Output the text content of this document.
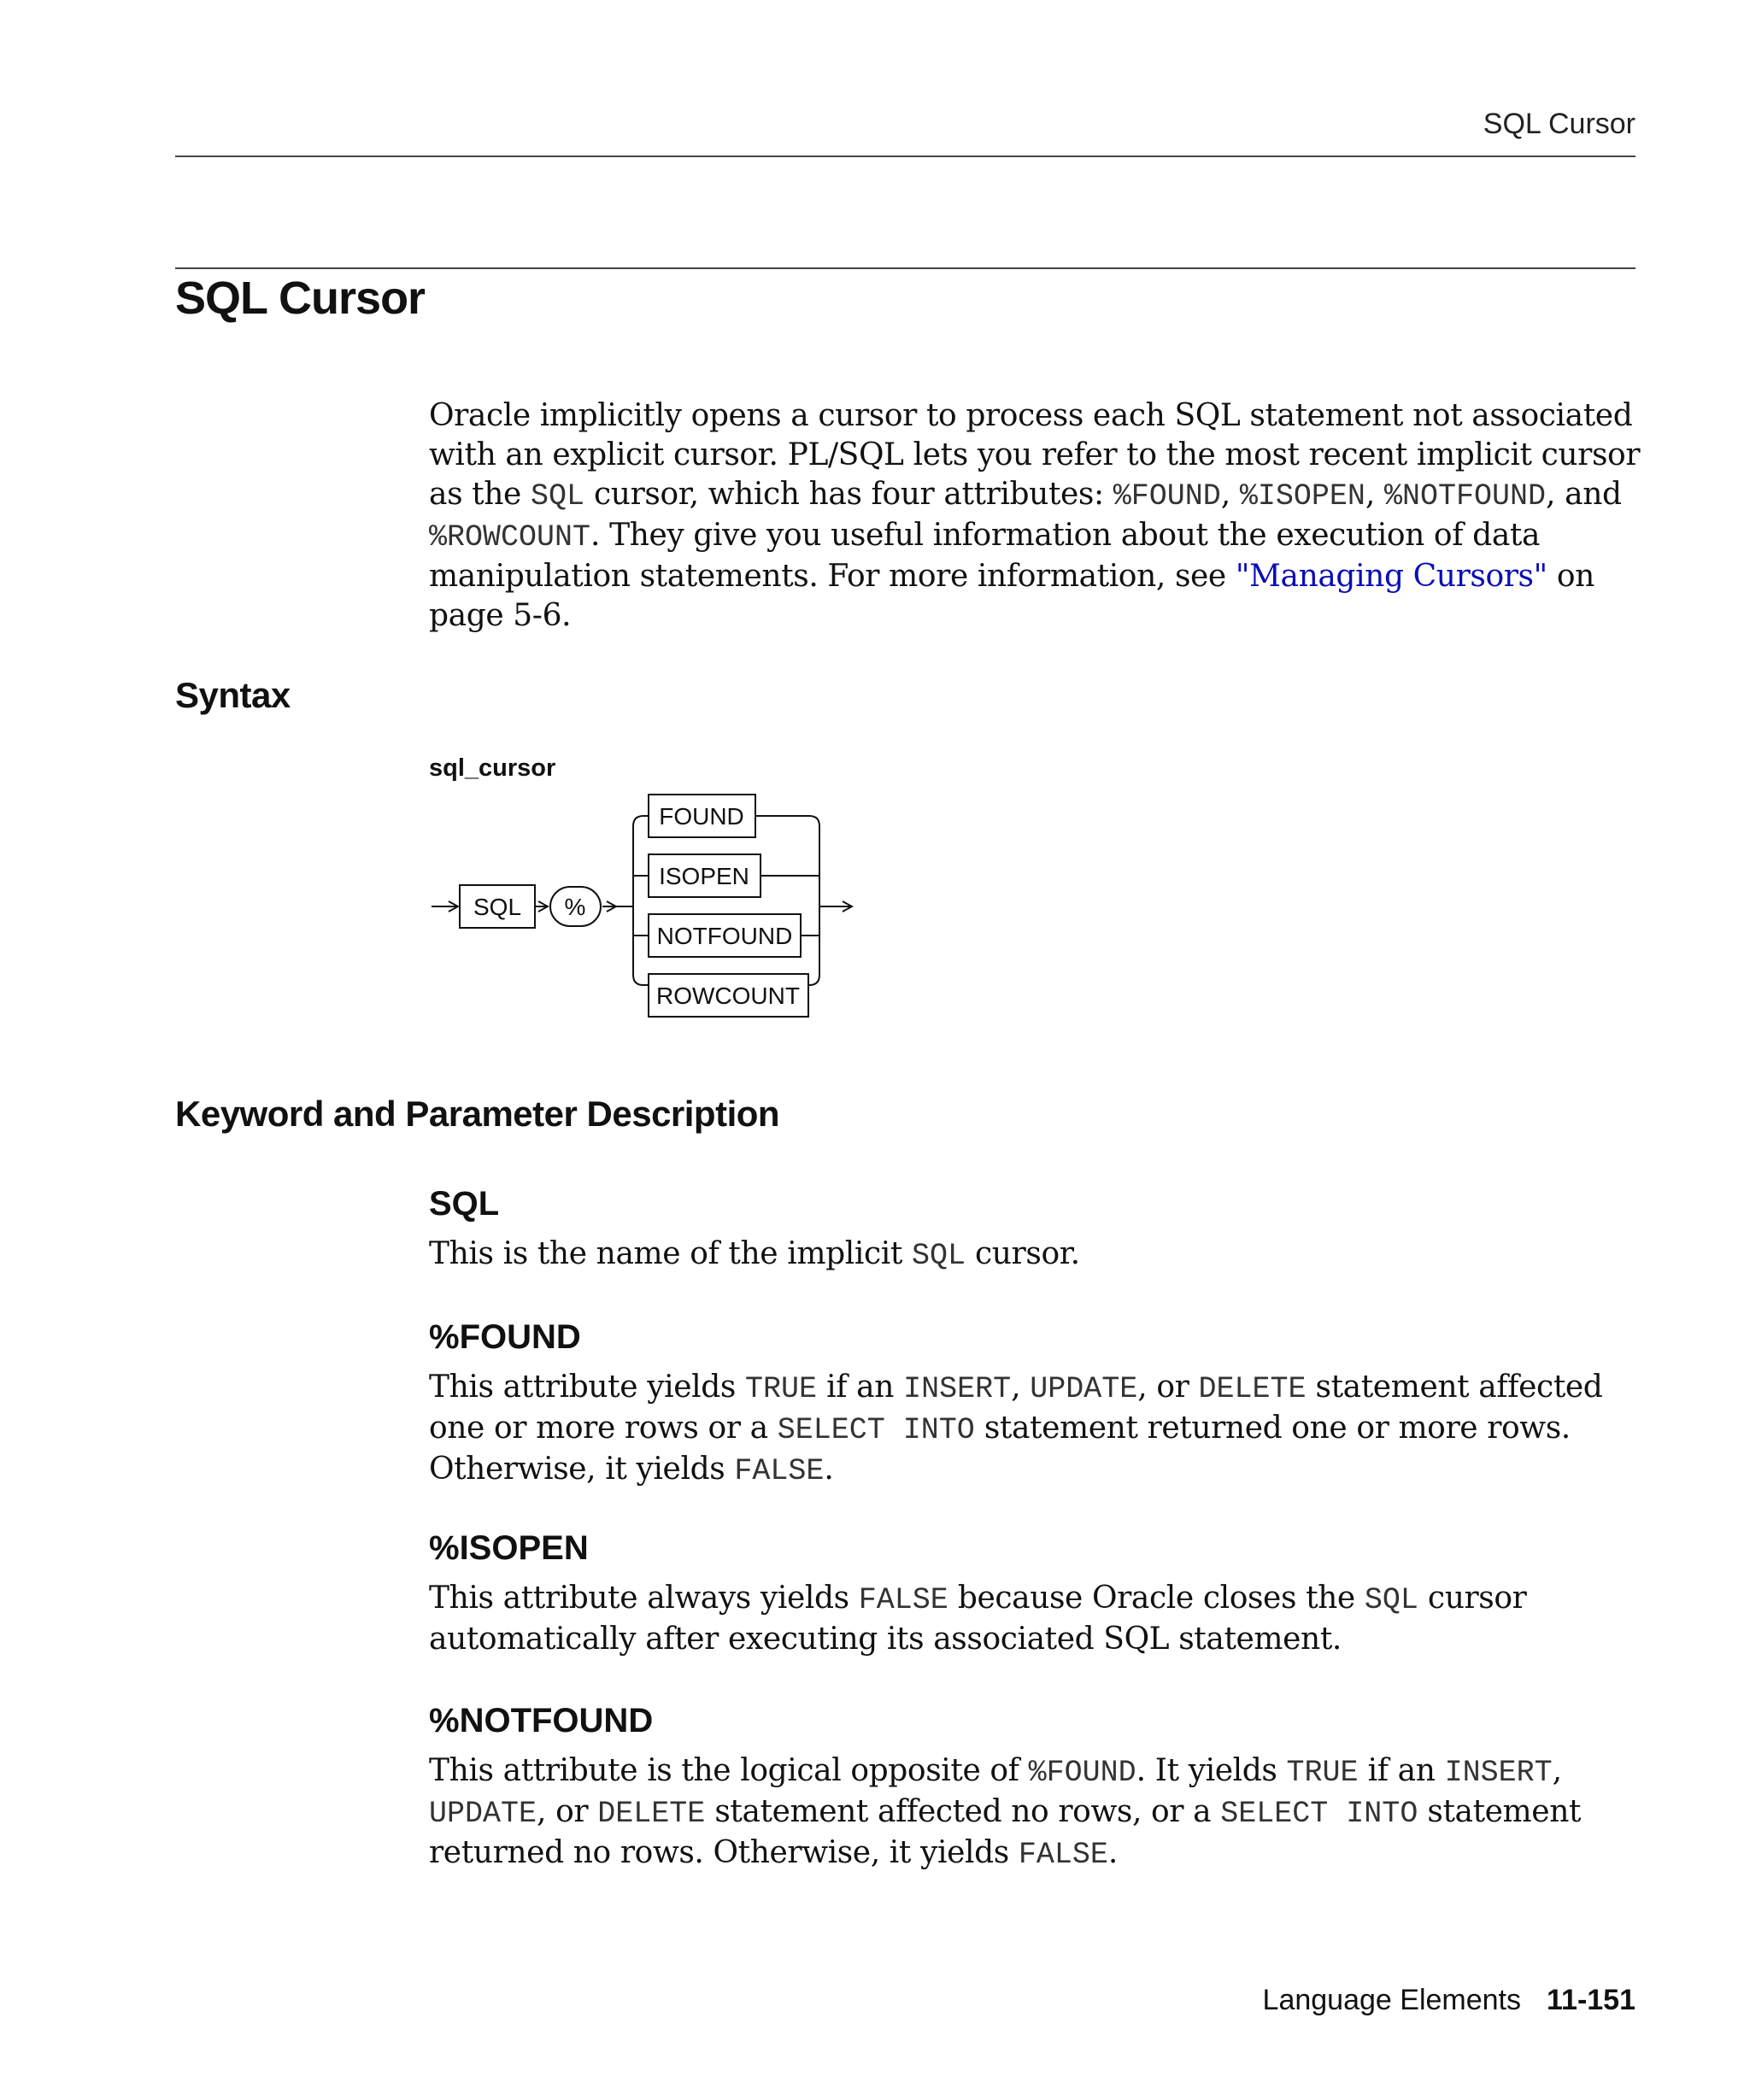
SQL Cursor
SQL Cursor

Oracle implicitly opens a cursor to process each SQL statement not associated with an explicit cursor. PL/SQL lets you refer to the most recent implicit cursor as the SQL cursor, which has four attributes: %FOUND, %ISOPEN, %NOTFOUND, and %ROWCOUNT. They give you useful information about the execution of data manipulation statements. For more information, see "Managing Cursors" on page 5-6.

Syntax
sql_cursor
SQL %
FOUND
ISOPEN
NOTFOUND
ROWCOUNT
Keyword and Parameter Description
SQL

This is the name of the implicit SQL cursor.

%FOUND

This attribute yields TRUE if an INSERT, UPDATE, or DELETE statement affected one or more rows or a SELECT INTO statement returned one or more rows. Otherwise, it yields FALSE.

%ISOPEN

This attribute always yields FALSE because Oracle closes the SQL cursor automatically after executing its associated SQL statement.

%NOTFOUND

This attribute is the logical opposite of %FOUND. It yields TRUE if an INSERT, UPDATE, or DELETE statement affected no rows, or a SELECT INTO statement returned no rows. Otherwise, it yields FALSE.

Language Elements 11-151
